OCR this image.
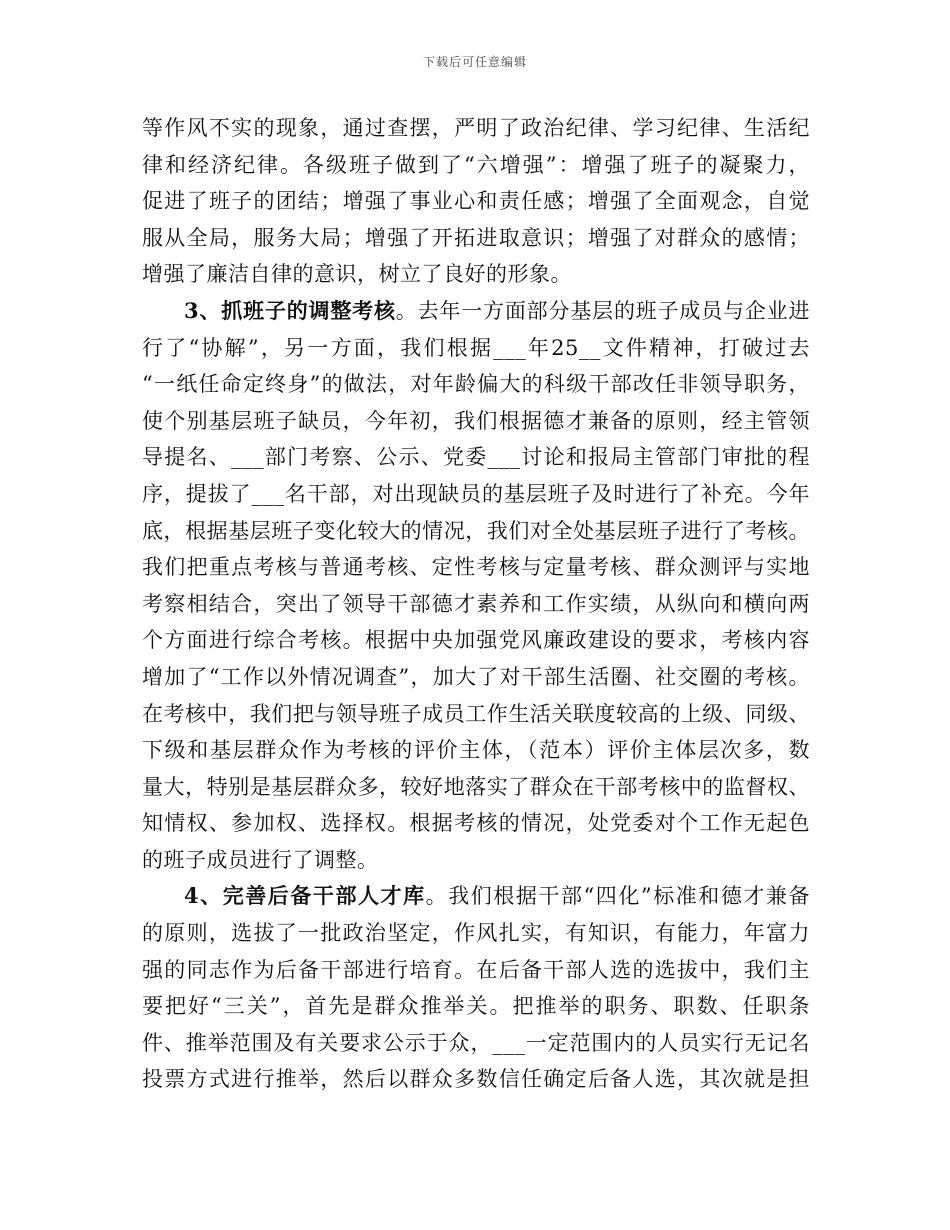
下载后可任意编辑
等作风不实的现象，通过查摆，严明了政治纪律、学习纪律、生活纪
律和经济纪律。各级班子做到了“六增强”：增强了班子的凝聚力，
促进了班子的团结；增强了事业心和责任感；增强了全面观念，自觉
服从全局，服务大局；增强了开拓进取意识；增强了对群众的感情；
增强了廉洁自律的意识，树立了良好的形象。
3、抓班子的调整考核。去年一方面部分基层的班子成员与企业进
行了“协解”，另一方面，我们根据___年25__文件精神，打破过去
“一纸任命定终身”的做法，对年龄偏大的科级干部改任非领导职务，
使个别基层班子缺员，今年初，我们根据德才兼备的原则，经主管领
导提名、___部门考察、公示、党委___讨论和报局主管部门审批的程
序，提拔了___名干部，对出现缺员的基层班子及时进行了补充。今年
底，根据基层班子变化较大的情况，我们对全处基层班子进行了考核。
我们把重点考核与普通考核、定性考核与定量考核、群众测评与实地
考察相结合，突出了领导干部德才素养和工作实绩，从纵向和横向两
个方面进行综合考核。根据中央加强党风廉政建设的要求，考核内容
增加了“工作以外情况调查”，加大了对干部生活圈、社交圈的考核。
在考核中，我们把与领导班子成员工作生活关联度较高的上级、同级、
下级和基层群众作为考核的评价主体，（范本）评价主体层次多，数
量大，特别是基层群众多，较好地落实了群众在干部考核中的监督权、
知情权、参加权、选择权。根据考核的情况，处党委对个工作无起色
的班子成员进行了调整。
4、完善后备干部人才库。我们根据干部“四化”标准和德才兼备
的原则，选拔了一批政治坚定，作风扎实，有知识，有能力，年富力
强的同志作为后备干部进行培育。在后备干部人选的选拔中，我们主
要把好“三关”，首先是群众推举关。把推举的职务、职数、任职条
件、推举范围及有关要求公示于众，___一定范围内的人员实行无记名
投票方式进行推举，然后以群众多数信任确定后备人选，其次就是担
